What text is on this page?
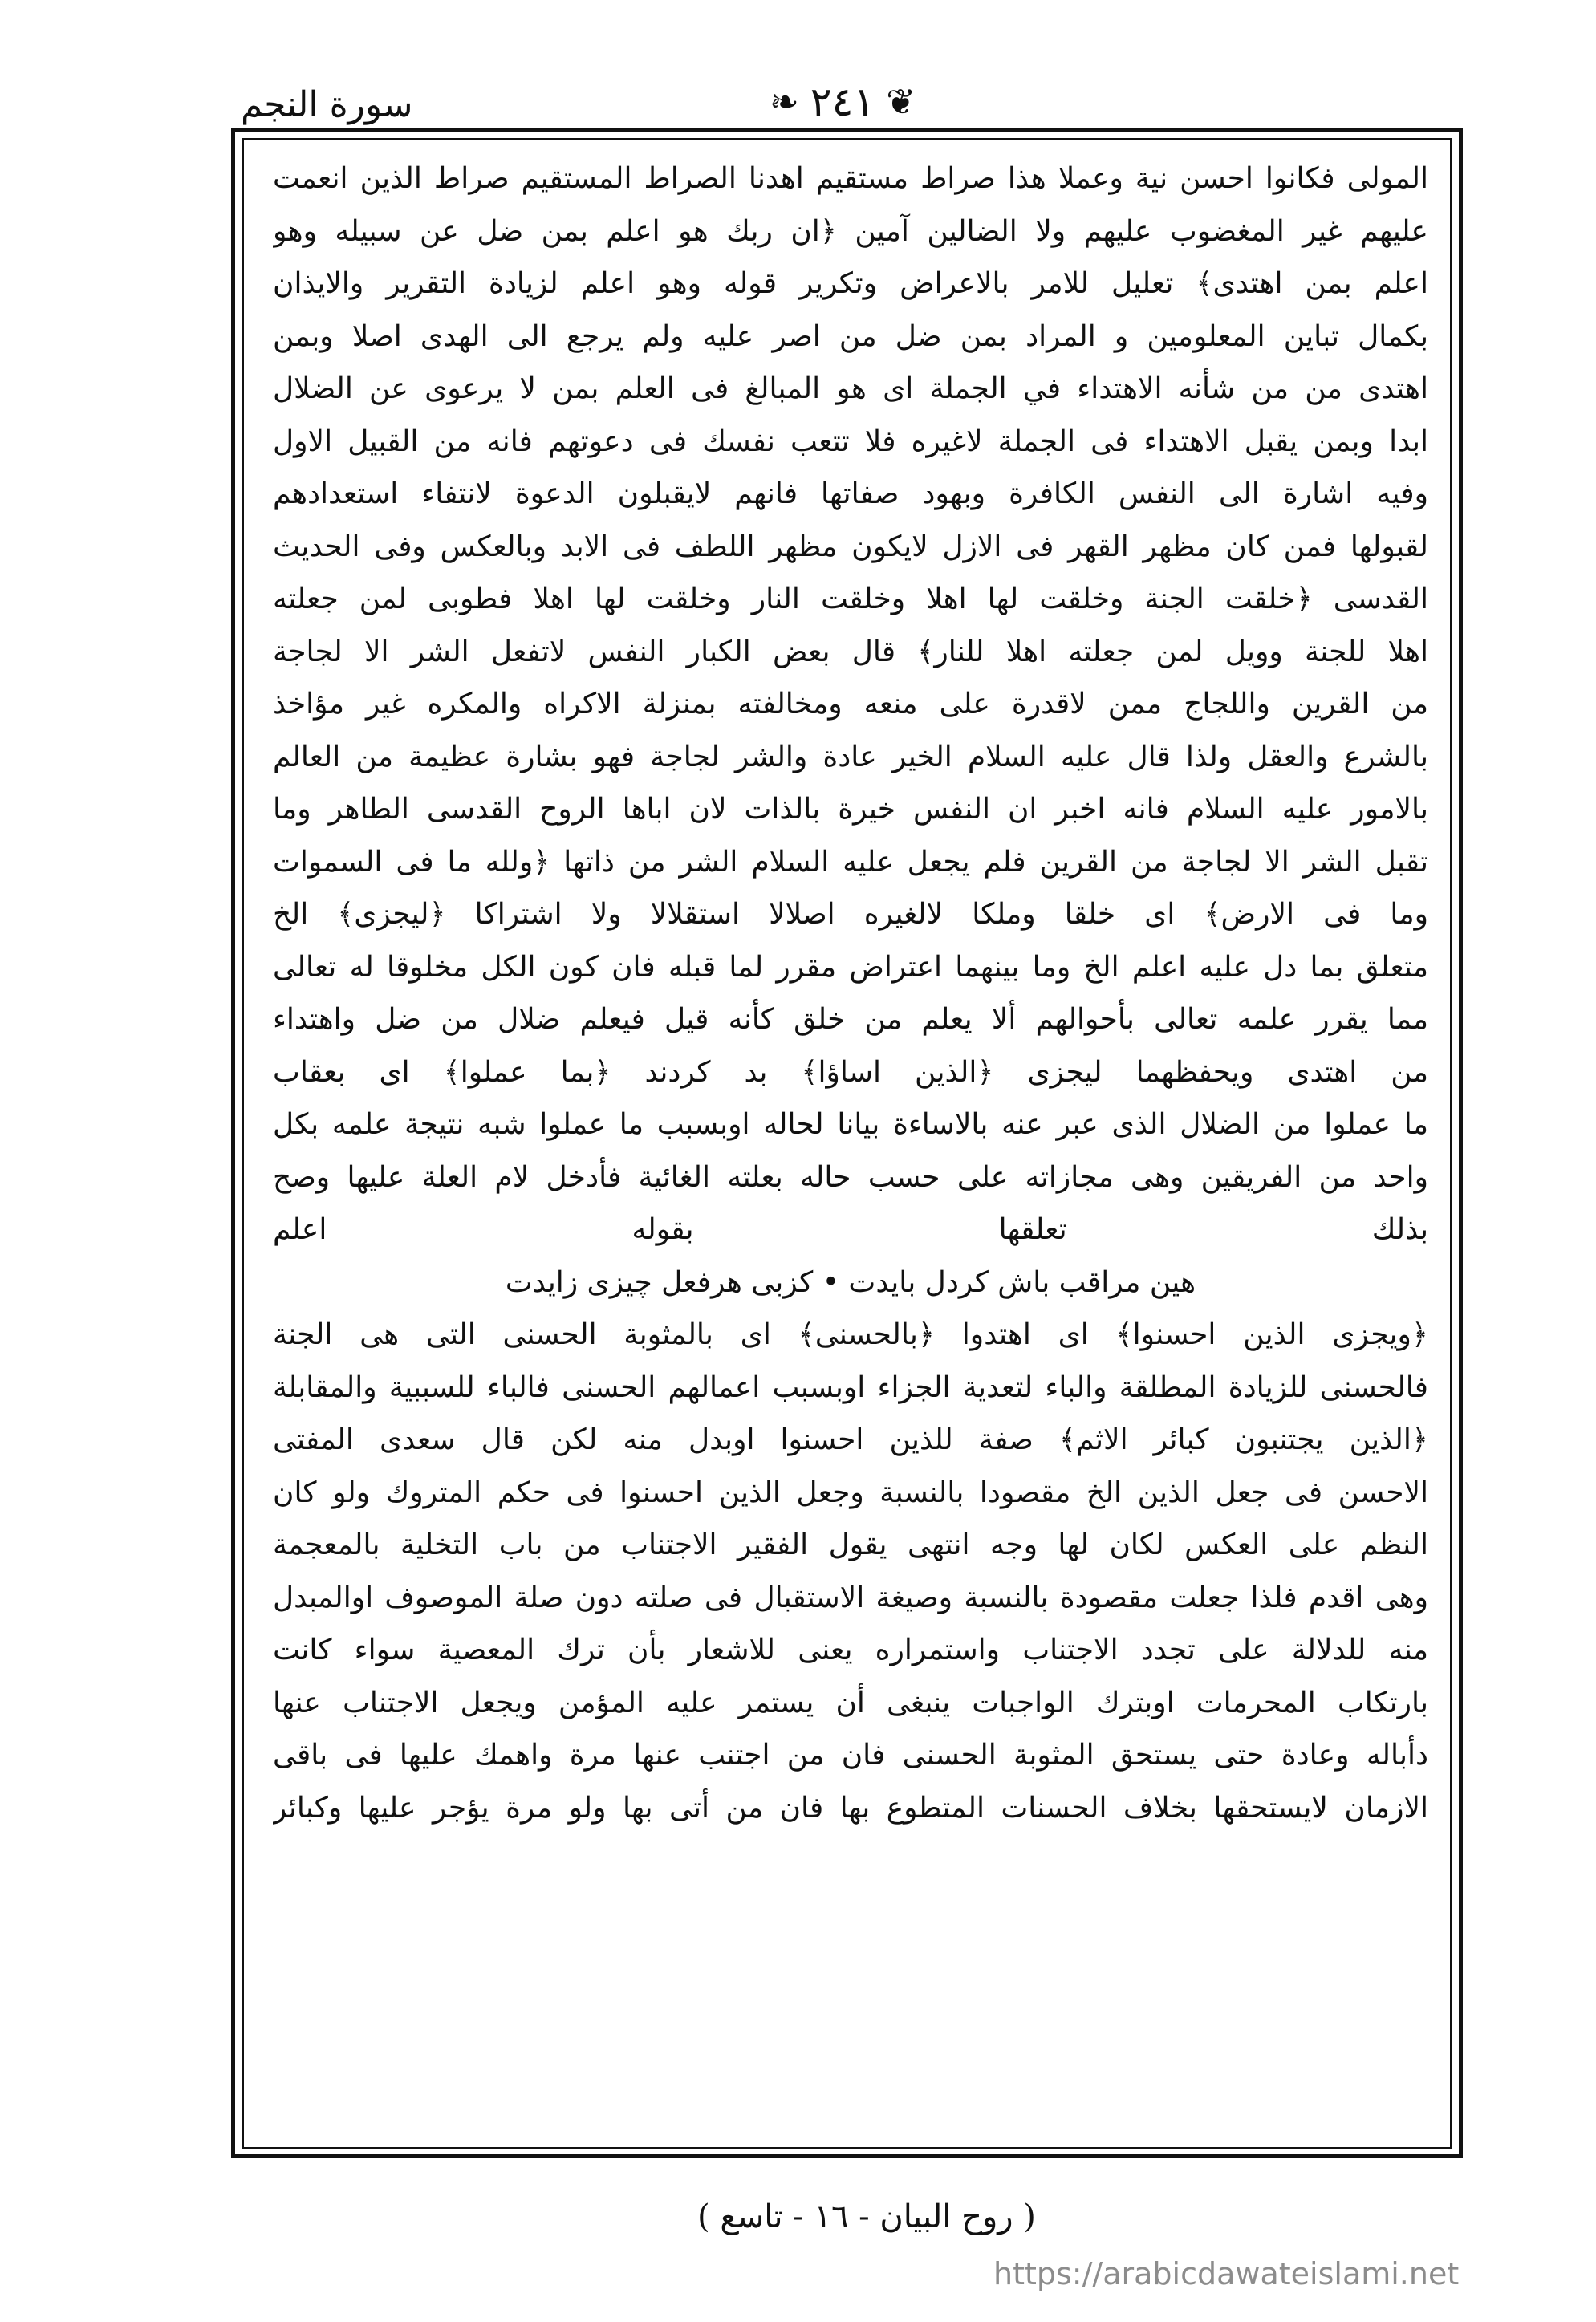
سورة النجم	❦
٢٤١
❧
المولى فكانوا احسن نية وعملا هذا صراط مستقيم اهدنا الصراط المستقيم صراط الذين انعمت
عليهم غير المغضوب عليهم ولا الضالين آمين ﴿ان ربك هو اعلم بمن ضل عن سبيله وهو
اعلم بمن اهتدى﴾ تعليل للامر بالاعراض وتكرير قوله وهو اعلم لزيادة التقرير والايذان
بكمال تباين المعلومين و المراد بمن ضل من اصر عليه ولم يرجع الى الهدى اصلا وبمن
اهتدى من من شأنه الاهتداء في الجملة اى هو المبالغ فى العلم بمن لا يرعوى عن الضلال
ابدا وبمن يقبل الاهتداء فى الجملة لاغيره فلا تتعب نفسك فى دعوتهم فانه من القبيل الاول
وفيه اشارة الى النفس الكافرة وبهود صفاتها فانهم لايقبلون الدعوة لانتفاء استعدادهم
لقبولها فمن كان مظهر القهر فى الازل لايكون مظهر اللطف فى الابد وبالعكس وفى الحديث
القدسى ﴿خلقت الجنة وخلقت لها اهلا وخلقت النار وخلقت لها اهلا فطوبى لمن جعلته
اهلا للجنة وويل لمن جعلته اهلا للنار﴾ قال بعض الكبار النفس لاتفعل الشر الا لجاجة
من القرين واللجاج ممن لاقدرة على منعه ومخالفته بمنزلة الاكراه والمكره غير مؤاخذ
بالشرع والعقل ولذا قال عليه السلام الخير عادة والشر لجاجة فهو بشارة عظيمة من العالم
بالامور عليه السلام فانه اخبر ان النفس خيرة بالذات لان اباها الروح القدسى الطاهر وما
تقبل الشر الا لجاجة من القرين فلم يجعل عليه السلام الشر من ذاتها ﴿ولله ما فى السموات
وما فى الارض﴾ اى خلقا وملكا لالغيره اصلالا استقلالا ولا اشتراكا ﴿ليجزى﴾ الخ
متعلق بما دل عليه اعلم الخ وما بينهما اعتراض مقرر لما قبله فان كون الكل مخلوقا له تعالى
مما يقرر علمه تعالى بأحوالهم ألا يعلم من خلق كأنه قيل فيعلم ضلال من ضل واهتداء
من اهتدى ويحفظهما ليجزى ﴿الذين اساؤا﴾ بد كردند ﴿بما عملوا﴾ اى بعقاب
ما عملوا من الضلال الذى عبر عنه بالاساءة بيانا لحاله اوبسبب ما عملوا شبه نتيجة علمه بكل
واحد من الفريقين وهى مجازاته على حسب حاله بعلته الغائية فأدخل لام العلة عليها وصح
بذلك تعلقها بقوله اعلم
هين مراقب باش كردل بايدت • كزبى هرفعل چيزى زايدت
﴿ويجزى الذين احسنوا﴾ اى اهتدوا ﴿بالحسنى﴾ اى بالمثوبة الحسنى التى هى الجنة
فالحسنى للزيادة المطلقة والباء لتعدية الجزاء اوبسبب اعمالهم الحسنى فالباء للسببية والمقابلة
﴿الذين يجتنبون كبائر الاثم﴾ صفة للذين احسنوا اوبدل منه لكن قال سعدى المفتى
الاحسن فى جعل الذين الخ مقصودا بالنسبة وجعل الذين احسنوا فى حكم المتروك ولو كان
النظم على العكس لكان لها وجه انتهى يقول الفقير الاجتناب من باب التخلية بالمعجمة
وهى اقدم فلذا جعلت مقصودة بالنسبة وصيغة الاستقبال فى صلته دون صلة الموصوف اوالمبدل
منه للدلالة على تجدد الاجتناب واستمراره يعنى للاشعار بأن ترك المعصية سواء كانت
بارتكاب المحرمات اوبترك الواجبات ينبغى أن يستمر عليه المؤمن ويجعل الاجتناب عنها
دأباله وعادة حتى يستحق المثوبة الحسنى فان من اجتنب عنها مرة واهمك عليها فى باقى
الازمان لايستحقها بخلاف الحسنات المتطوع بها فان من أتى بها ولو مرة يؤجر عليها وكبائر
( روح البيان - ١٦ - تاسع )
https://arabicdawateislami.net
